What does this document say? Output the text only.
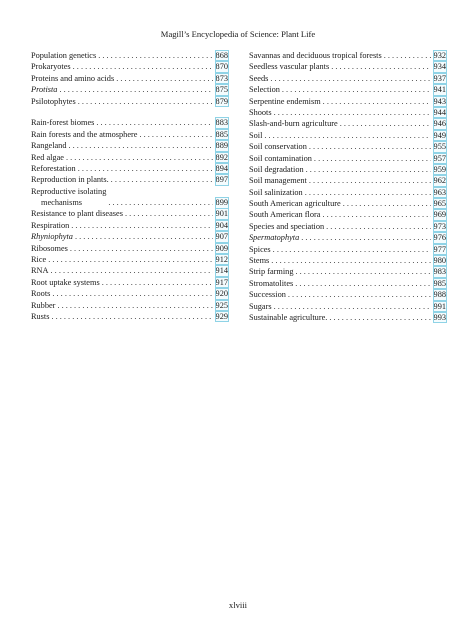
Magill’s Encyclopedia of Science: Plant Life
Population genetics . . .	868
Prokaryotes . . .	870
Proteins and amino acids . . .	873
Protista . . .	875
Psilotophytes . . .	879
Rain-forest biomes . . .	883
Rain forests and the atmosphere . . .	885
Rangeland . . .	889
Red algae . . .	892
Reforestation . . .	894
Reproduction in plants. . . .	897
Reproductive isolating
mechanisms . . .	899
Resistance to plant diseases . . .	901
Respiration . . .	904
Rhyniophyta . . .	907
Ribosomes . . .	909
Rice . . .	912
RNA . . .	914
Root uptake systems . . .	917
Roots . . .	920
Rubber . . .	925
Rusts . . .	929
Savannas and deciduous tropical forests . . .	932
Seedless vascular plants . . .	934
Seeds . . .	937
Selection . . .	941
Serpentine endemism . . .	943
Shoots . . .	944
Slash-and-burn agriculture . . .	946
Soil . . .	949
Soil conservation . . .	955
Soil contamination . . .	957
Soil degradation . . .	959
Soil management . . .	962
Soil salinization . . .	963
South American agriculture . . .	965
South American flora . . .	969
Species and speciation . . .	973
Spermatophyta . . .	976
Spices . . .	977
Stems . . .	980
Strip farming . . .	983
Stromatolites . . .	985
Succession . . .	988
Sugars . . .	991
Sustainable agriculture. . . .	993
xlviii
